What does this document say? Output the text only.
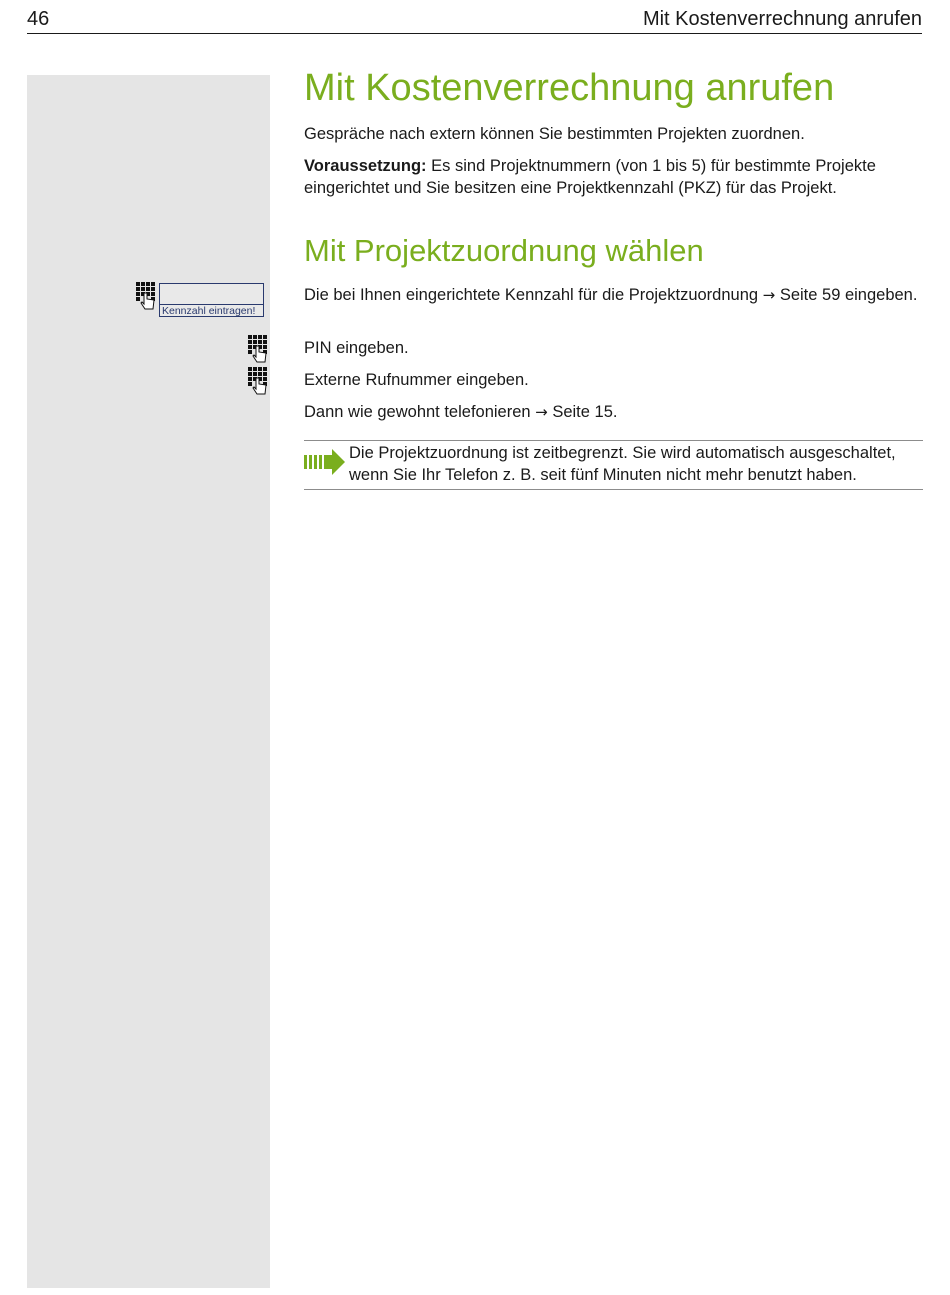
46	Mit Kostenverrechnung anrufen
Kennzahl eintragen!
Mit Kostenverrechnung anrufen

Gespräche nach extern können Sie bestimmten Projekten zuordnen.

Voraussetzung: Es sind Projektnummern (von 1 bis 5) für bestimmte Projekte eingerichtet und Sie besitzen eine Projektkennzahl (PKZ) für das Projekt.

Mit Projektzuordnung wählen

Die bei Ihnen eingerichtete Kennzahl für die Projektzuordnung → Seite 59 eingeben.

PIN eingeben.

Externe Rufnummer eingeben.

Dann wie gewohnt telefonieren → Seite 15.

Die Projektzuordnung ist zeitbegrenzt. Sie wird automatisch ausgeschaltet, wenn Sie Ihr Telefon z. B. seit fünf Minuten nicht mehr benutzt haben.
